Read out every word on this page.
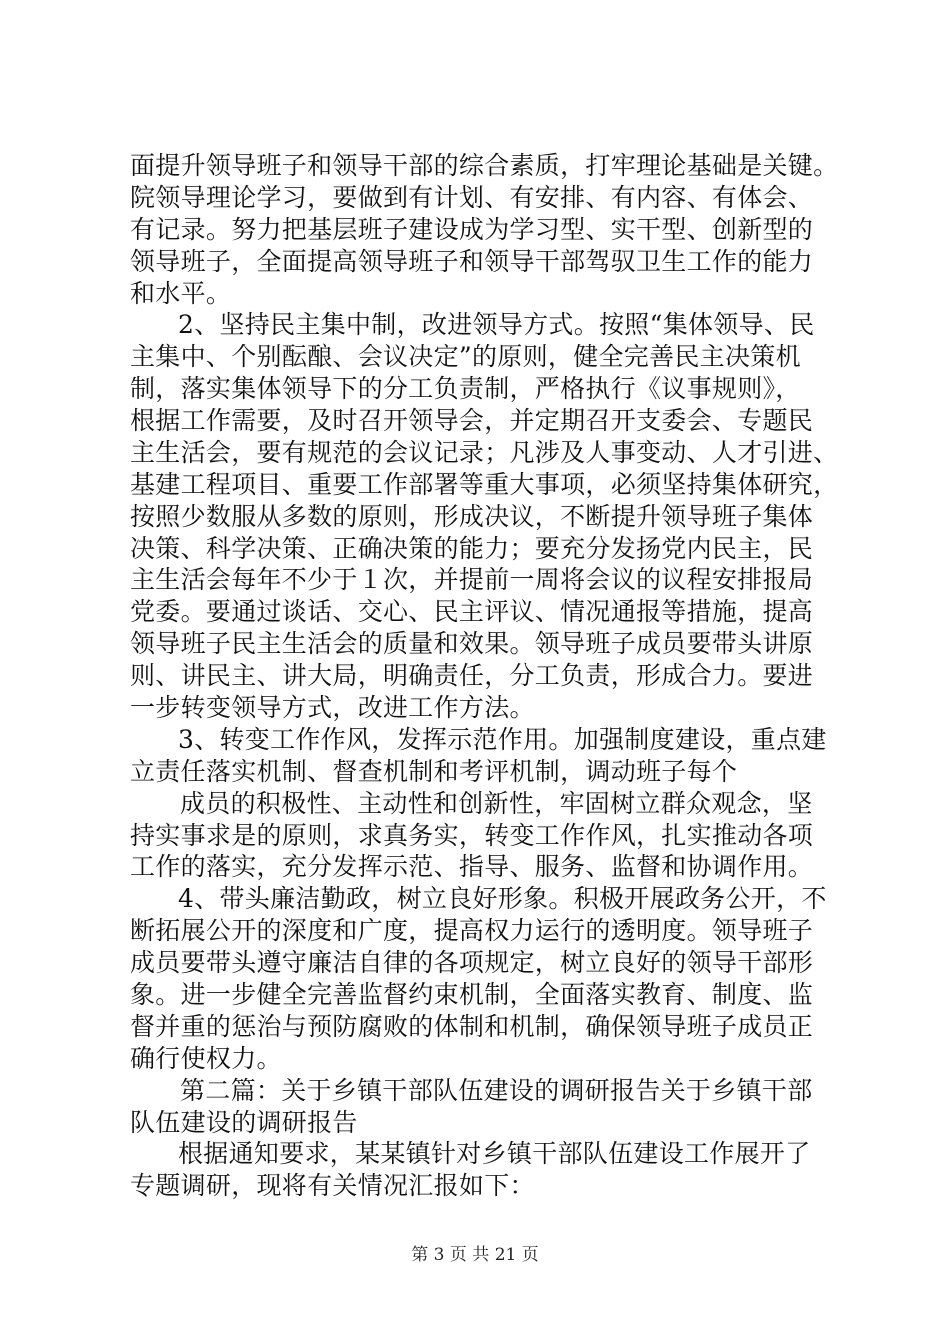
面提升领导班子和领导干部的综合素质，打牢理论基础是关键。
院领导理论学习，要做到有计划、有安排、有内容、有体会、
有记录。努力把基层班子建设成为学习型、实干型、创新型的
领导班子，全面提高领导班子和领导干部驾驭卫生工作的能力
和水平。
2、坚持民主集中制，改进领导方式。按照“集体领导、民
主集中、个别酝酿、会议决定”的原则，健全完善民主决策机
制，落实集体领导下的分工负责制，严格执行《议事规则》，
根据工作需要，及时召开领导会，并定期召开支委会、专题民
主生活会，要有规范的会议记录；凡涉及人事变动、人才引进、
基建工程项目、重要工作部署等重大事项，必须坚持集体研究，
按照少数服从多数的原则，形成决议，不断提升领导班子集体
决策、科学决策、正确决策的能力；要充分发扬党内民主，民
主生活会每年不少于１次，并提前一周将会议的议程安排报局
党委。要通过谈话、交心、民主评议、情况通报等措施，提高
领导班子民主生活会的质量和效果。领导班子成员要带头讲原
则、讲民主、讲大局，明确责任，分工负责，形成合力。要进
一步转变领导方式，改进工作方法。
3、转变工作作风，发挥示范作用。加强制度建设，重点建
立责任落实机制、督查机制和考评机制，调动班子每个
成员的积极性、主动性和创新性，牢固树立群众观念，坚
持实事求是的原则，求真务实，转变工作作风，扎实推动各项
工作的落实，充分发挥示范、指导、服务、监督和协调作用。
4、带头廉洁勤政，树立良好形象。积极开展政务公开，不
断拓展公开的深度和广度，提高权力运行的透明度。领导班子
成员要带头遵守廉洁自律的各项规定，树立良好的领导干部形
象。进一步健全完善监督约束机制，全面落实教育、制度、监
督并重的惩治与预防腐败的体制和机制，确保领导班子成员正
确行使权力。
第二篇：关于乡镇干部队伍建设的调研报告关于乡镇干部
队伍建设的调研报告
根据通知要求，某某镇针对乡镇干部队伍建设工作展开了
专题调研，现将有关情况汇报如下：
第 3 页 共 21 页
